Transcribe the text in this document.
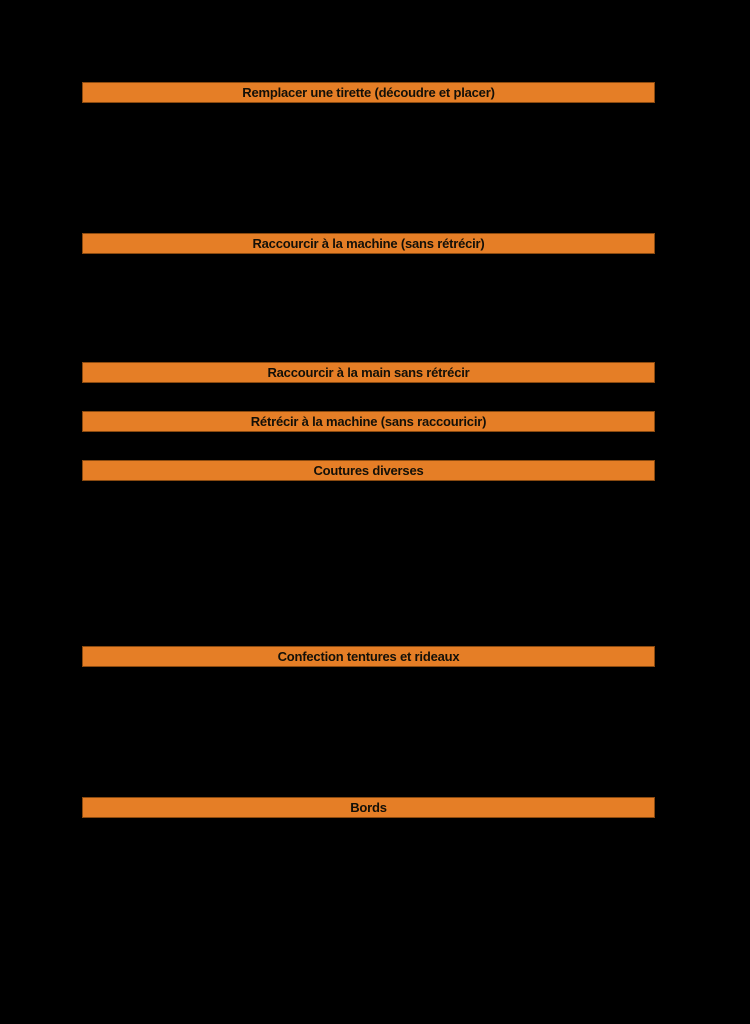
Remplacer une tirette (découdre et placer)
Raccourcir à la machine (sans rétrécir)
Raccourcir à la main sans rétrécir
Rétrécir à la machine (sans raccouricir)
Coutures diverses
Confection tentures et rideaux
Bords
